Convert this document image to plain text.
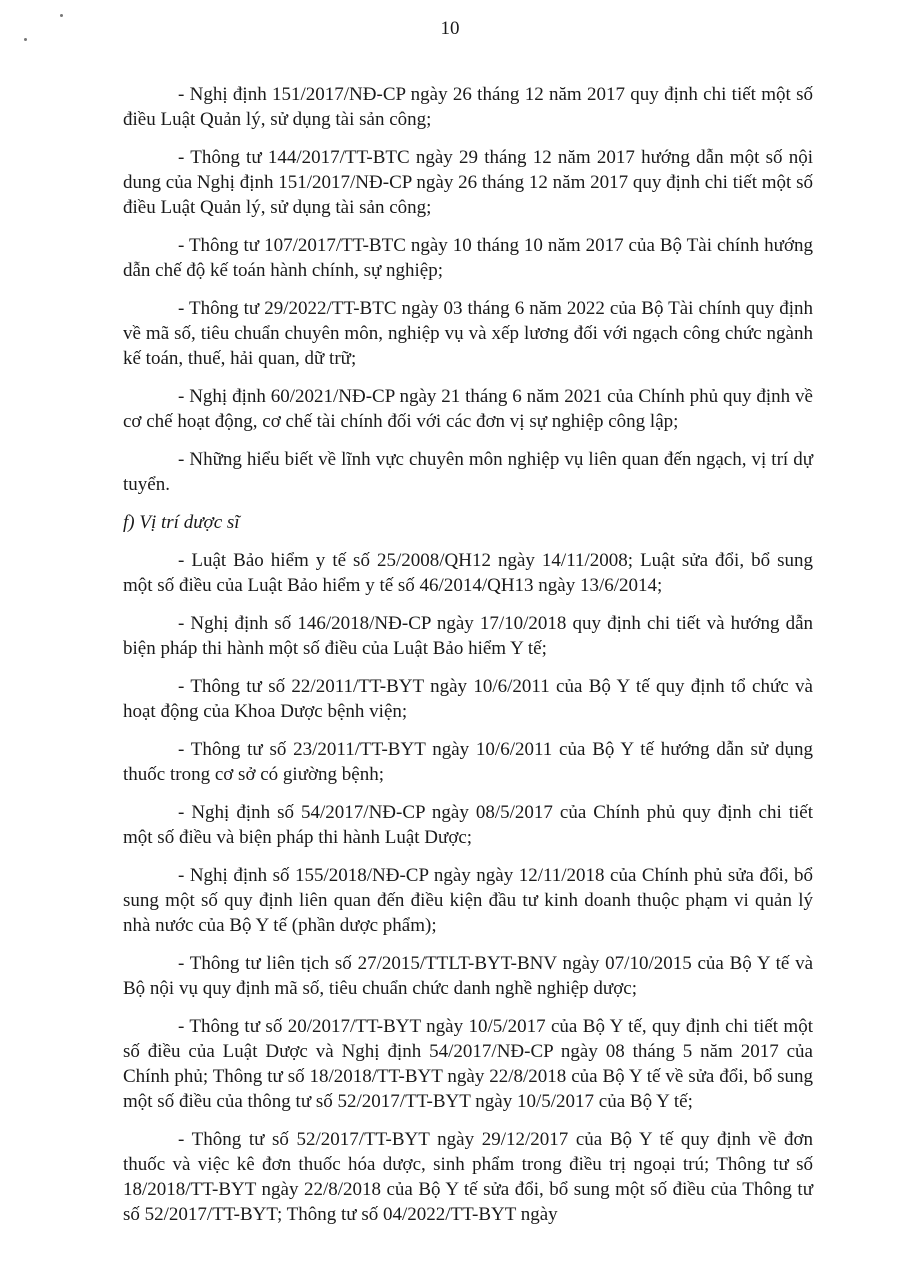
10

- Nghị định 151/2017/NĐ-CP ngày 26 tháng 12 năm 2017 quy định chi tiết một số điều Luật Quản lý, sử dụng tài sản công;

- Thông tư 144/2017/TT-BTC ngày 29 tháng 12 năm 2017 hướng dẫn một số nội dung của Nghị định 151/2017/NĐ-CP ngày 26 tháng 12 năm 2017 quy định chi tiết một số điều Luật Quản lý, sử dụng tài sản công;

- Thông tư 107/2017/TT-BTC ngày 10 tháng 10 năm 2017 của Bộ Tài chính hướng dẫn chế độ kế toán hành chính, sự nghiệp;

- Thông tư 29/2022/TT-BTC ngày 03 tháng 6 năm 2022 của Bộ Tài chính quy định về mã số, tiêu chuẩn chuyên môn, nghiệp vụ và xếp lương đối với ngạch công chức ngành kế toán, thuế, hải quan, dữ trữ;

- Nghị định 60/2021/NĐ-CP ngày 21 tháng 6 năm 2021 của Chính phủ quy định về cơ chế hoạt động, cơ chế tài chính đối với các đơn vị sự nghiệp công lập;

- Những hiểu biết về lĩnh vực chuyên môn nghiệp vụ liên quan đến ngạch, vị trí dự tuyển.

f) Vị trí dược sĩ

- Luật Bảo hiểm y tế số 25/2008/QH12 ngày 14/11/2008; Luật sửa đổi, bổ sung một số điều của Luật Bảo hiểm y tế số 46/2014/QH13 ngày 13/6/2014;

- Nghị định số 146/2018/NĐ-CP ngày 17/10/2018 quy định chi tiết và hướng dẫn biện pháp thi hành một số điều của Luật Bảo hiểm Y tế;

- Thông tư số 22/2011/TT-BYT ngày 10/6/2011 của Bộ Y tế quy định tổ chức và hoạt động của Khoa Dược bệnh viện;

- Thông tư số 23/2011/TT-BYT ngày 10/6/2011 của Bộ Y tế hướng dẫn sử dụng thuốc trong cơ sở có giường bệnh;

- Nghị định số 54/2017/NĐ-CP ngày 08/5/2017 của Chính phủ quy định chi tiết một số điều và biện pháp thi hành Luật Dược;

- Nghị định số 155/2018/NĐ-CP ngày ngày 12/11/2018 của Chính phủ sửa đổi, bổ sung một số quy định liên quan đến điều kiện đầu tư kinh doanh thuộc phạm vi quản lý nhà nước của Bộ Y tế (phần dược phẩm);

- Thông tư liên tịch số 27/2015/TTLT-BYT-BNV ngày 07/10/2015 của Bộ Y tế và Bộ nội vụ quy định mã số, tiêu chuẩn chức danh nghề nghiệp dược;

- Thông tư số 20/2017/TT-BYT ngày 10/5/2017 của Bộ Y tế, quy định chi tiết một số điều của Luật Dược và Nghị định 54/2017/NĐ-CP ngày 08 tháng 5 năm 2017 của Chính phủ; Thông tư số 18/2018/TT-BYT ngày 22/8/2018 của Bộ Y tế về sửa đổi, bổ sung một số điều của thông tư số 52/2017/TT-BYT ngày 10/5/2017 của Bộ Y tế;

- Thông tư số 52/2017/TT-BYT ngày 29/12/2017 của Bộ Y tế quy định về đơn thuốc và việc kê đơn thuốc hóa dược, sinh phẩm trong điều trị ngoại trú; Thông tư số 18/2018/TT-BYT ngày 22/8/2018 của Bộ Y tế sửa đổi, bổ sung một số điều của Thông tư số 52/2017/TT-BYT; Thông tư số 04/2022/TT-BYT ngày
